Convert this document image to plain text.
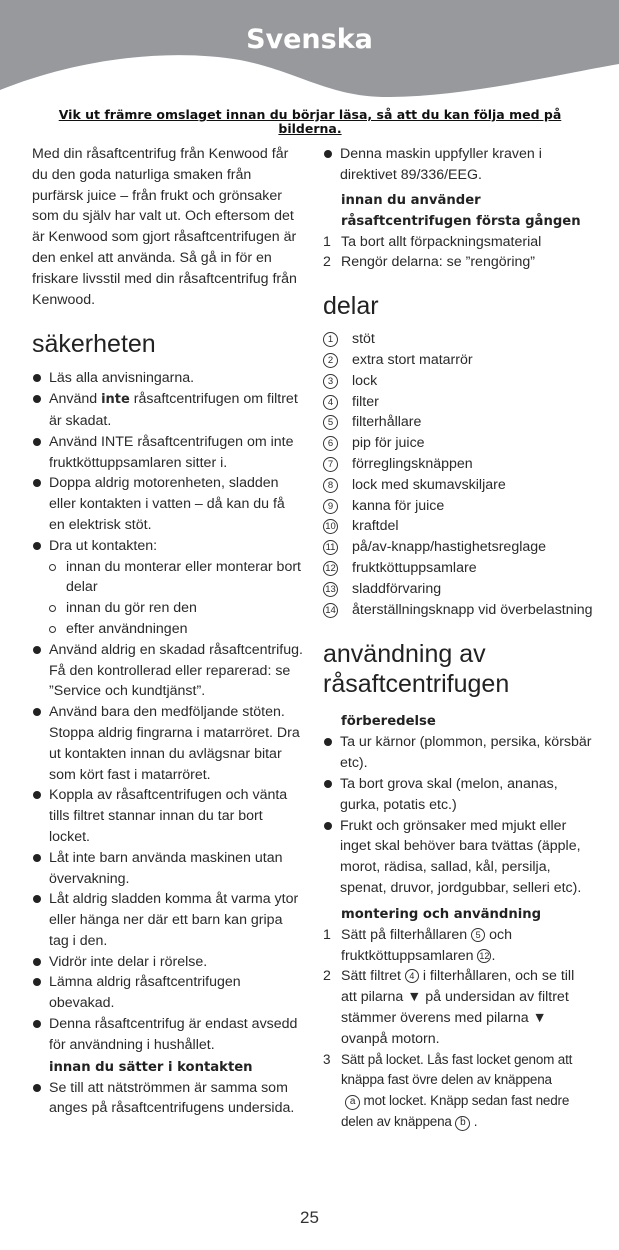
Svenska
Vik ut främre omslaget innan du börjar läsa, så att du kan följa med på bilderna.

Med din råsaftcentrifug från Kenwood får du den goda naturliga smaken från purfärsk juice – från frukt och grönsaker som du själv har valt ut. Och eftersom det är Kenwood som gjort råsaftcentrifugen är den enkel att använda. Så gå in för en friskare livsstil med din råsaftcentrifug från Kenwood.

säkerheten
Läs alla anvisningarna.
Använd inte råsaftcentrifugen om filtret är skadat.
Använd INTE råsaftcentrifugen om inte fruktköttuppsamlaren sitter i.
Doppa aldrig motorenheten, sladden eller kontakten i vatten – då kan du få en elektrisk stöt.
Dra ut kontakten:
innan du monterar eller monterar bort delar
innan du gör ren den
efter användningen
Använd aldrig en skadad råsaftcentrifug. Få den kontrollerad eller reparerad: se ”Service och kundtjänst”.
Använd bara den medföljande stöten. Stoppa aldrig fingrarna i matarröret. Dra ut kontakten innan du avlägsnar bitar som kört fast i matarröret.
Koppla av råsaftcentrifugen och vänta tills filtret stannar innan du tar bort locket.
Låt inte barn använda maskinen utan övervakning.
Låt aldrig sladden komma åt varma ytor eller hänga ner där ett barn kan gripa tag i den.
Vidrör inte delar i rörelse.
Lämna aldrig råsaftcentrifugen obevakad.
Denna råsaftcentrifug är endast avsedd för användning i hushållet.
innan du sätter i kontakten
Se till att nätströmmen är samma som anges på råsaftcentrifugens undersida.
Denna maskin uppfyller kraven i direktivet 89/336/EEG.
innan du använder råsaftcentrifugen första gången
1 Ta bort allt förpackningsmaterial
2 Rengör delarna: se ”rengöring”
delar
1	stöt
2	extra stort matarrör
3	lock
4	filter
5	filterhållare
6	pip för juice
7	förreglingsknäppen
8	lock med skumavskiljare
9	kanna för juice
10 kraftdel
11 på/av-knapp/hastighetsreglage
12 fruktköttuppsamlare
13 sladdförvaring
14 återställningsknapp vid överbelastning
användning av råsaftcentrifugen
förberedelse
Ta ur kärnor (plommon, persika, körsbär etc).
Ta bort grova skal (melon, ananas, gurka, potatis etc.)
Frukt och grönsaker med mjukt eller inget skal behöver bara tvättas (äpple, morot, rädisa, sallad, kål, persilja, spenat, druvor, jordgubbar, selleri etc).
montering och användning
1 Sätt på filterhållaren 5 och fruktköttuppsamlaren 12 .
2 Sätt filtret 4 i filterhållaren, och se till att pilarna ▼ på undersidan av filtret stämmer överens med pilarna ▼ ovanpå motorn.
3 Sätt på locket. Lås fast locket genom att knäppa fast övre delen av knäppena
a mot locket. Knäpp sedan fast nedre delen av knäppena b .
25
